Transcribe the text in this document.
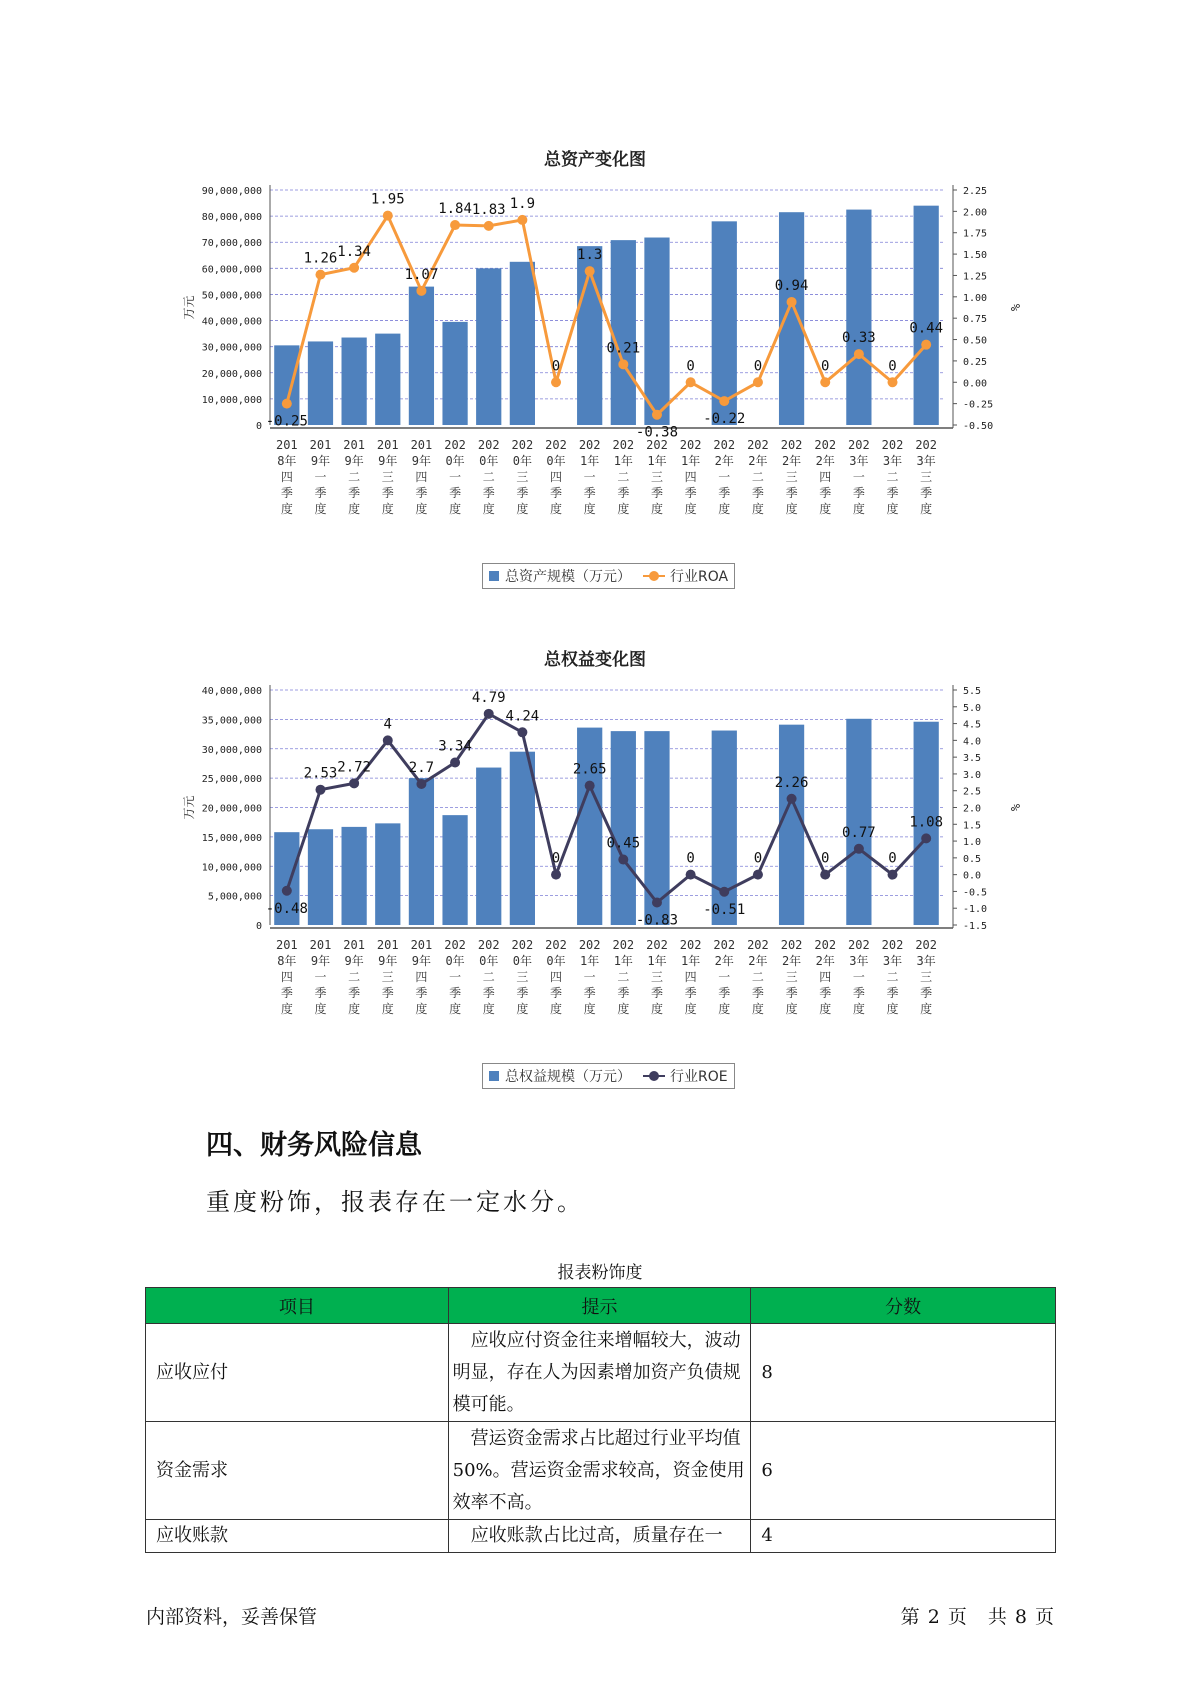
总资产变化图
0
10,000,000
20,000,000
30,000,000
40,000,000
50,000,000
60,000,000
70,000,000
80,000,000
90,000,000
-0.50
-0.25
0.00
0.25
0.50
0.75
1.00
1.25
1.50
1.75
2.00
2.25
万元	%
201
8年
四
季
度
201
9年
一
季
度
201
9年
二
季
度
201
9年
三
季
度
201
9年
四
季
度
202
0年
一
季
度
202
0年
二
季
度
202
0年
三
季
度
202
0年
四
季
度
202
1年
一
季
度
202
1年
二
季
度
202
1年
三
季
度
202
1年
四
季
度
202
2年
一
季
度
202
2年
二
季
度
202
2年
三
季
度
202
2年
四
季
度
202
3年
一
季
度
202
3年
二
季
度
202
3年
三
季
度
-0.25
1.26 1.34
1.95
1.07
1.84 1.83 1.9
0
1.3
0.21
-0.38
0
-0.22
0
0.94
0
0.33
0
0.44
总资产规模（万元）	行业ROA
总权益变化图
0
5,000,000
10,000,000
15,000,000
20,000,000
25,000,000
30,000,000
35,000,000
40,000,000
-1.5
-1.0
-0.5
0.0
0.5
1.0
1.5
2.0
2.5
3.0
3.5
4.0
4.5
5.0
5.5
万元	%
201
8年
四
季
度
201
9年
一
季
度
201
9年
二
季
度
201
9年
三
季
度
201
9年
四
季
度
202
0年
一
季
度
202
0年
二
季
度
202
0年
三
季
度
202
0年
四
季
度
202
1年
一
季
度
202
1年
二
季
度
202
1年
三
季
度
202
1年
四
季
度
202
2年
一
季
度
202
2年
二
季
度
202
2年
三
季
度
202
2年
四
季
度
202
3年
一
季
度
202
3年
二
季
度
202
3年
三
季
度
-0.48
2.53 2.72
4
2.7
3.34
4.79
4.24
0
2.65
0.45
-0.83
0
-0.51
0
2.26
0
0.77
0
1.08
总权益规模（万元）	行业ROE
四、财务风险信息

重度粉饰，报表存在一定水分。

报表粉饰度
项目	提示	分数
应收应付	应收应付资金往来增幅较大，波动明显，存在人为因素增加资产负债规模可能。	8
资金需求	营运资金需求占比超过行业平均值50%。营运资金需求较高，资金使用效率不高。	6
应收账款	应收账款占比过高，质量存在一	4
内部资料，妥善保管	第 2 页　共 8 页
